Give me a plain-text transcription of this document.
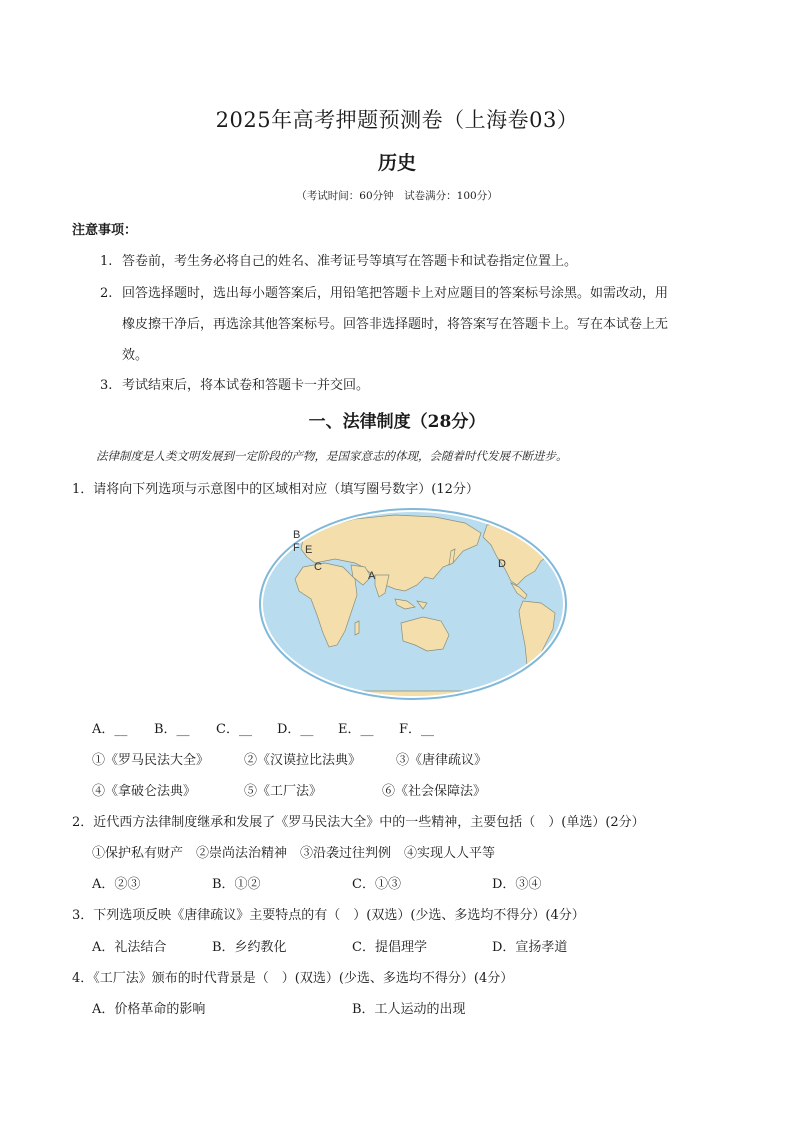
2025年高考押题预测卷（上海卷03）
历史
（考试时间：60分钟　试卷满分：100分）
注意事项：
1. 答卷前，考生务必将自己的姓名、准考证号等填写在答题卡和试卷指定位置上。
2. 回答选择题时，选出每小题答案后，用铅笔把答题卡上对应题目的答案标号涂黑。如需改动，用
橡皮擦干净后，再选涂其他答案标号。回答非选择题时，将答案写在答题卡上。写在本试卷上无
效。
3. 考试结束后，将本试卷和答题卡一并交回。
一、法律制度（28分）
法律制度是人类文明发展到一定阶段的产物，是国家意志的体现，会随着时代发展不断进步。
1．请将向下列选项与示意图中的区域相对应（填写圈号数字）(12分）
B
F E
C
A
D
A．__ B．__ C．__ D．__ E．__ F．__
①《罗马民法大全》	②《汉谟拉比法典》	③《唐律疏议》
④《拿破仑法典》	⑤《工厂法》	⑥《社会保障法》
2．近代西方法律制度继承和发展了《罗马民法大全》中的一些精神，主要包括（　）(单选）(2分）
①保护私有财产　②崇尚法治精神　③沿袭过往判例　④实现人人平等
A．②③	B．①②	C．①③	D．③④
3．下列选项反映《唐律疏议》主要特点的有（　）(双选）(少选、多选均不得分）(4分）
A．礼法结合	B．乡约教化	C．提倡理学	D．宣扬孝道
4．《工厂法》颁布的时代背景是（　）(双选）(少选、多选均不得分）(4分）
A．价格革命的影响	B．工人运动的出现
